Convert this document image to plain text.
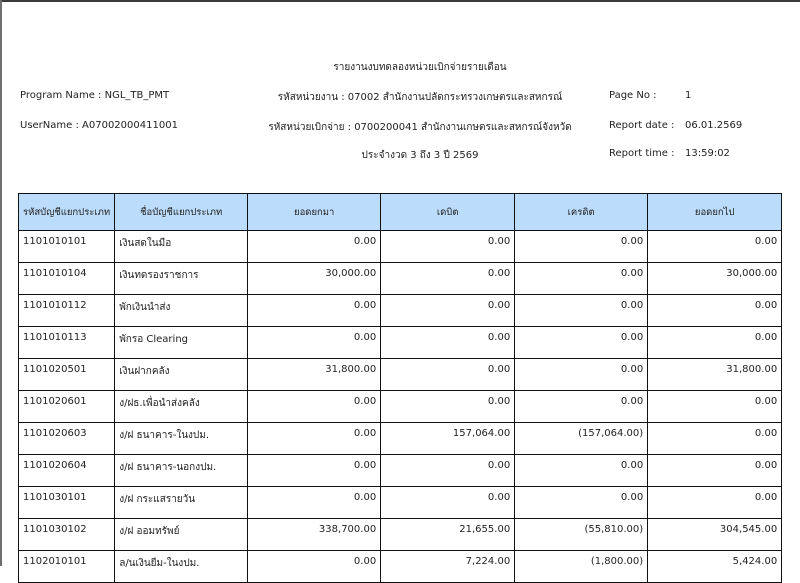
รายงานงบทดลองหน่วยเบิกจ่ายรายเดือน
Program Name : NGL_TB_PMT
UserName : A07002000411001
รหัสหน่วยงาน : 07002 สำนักงานปลัดกระทรวงเกษตรและสหกรณ์
รหัสหน่วยเบิกจ่าย : 0700200041 สำนักงานเกษตรและสหกรณ์จังหวัด
ประจำงวด 3 ถึง 3 ปี 2569
Page No :	1
Report date : 06.01.2569
Report time : 13:59:02
รหัสบัญชีแยกประเภท	ชื่อบัญชีแยกประเภท	ยอดยกมา	เดบิต	เครดิต	ยอดยกไป
1101010101	เงินสดในมือ	0.00	0.00	0.00	0.00
1101010104	เงินทดรองราชการ	30,000.00	0.00	0.00	30,000.00
1101010112	พักเงินนำส่ง	0.00	0.00	0.00	0.00
1101010113	พักรอ Clearing	0.00	0.00	0.00	0.00
1101020501	เงินฝากคลัง	31,800.00	0.00	0.00	31,800.00
1101020601	ง/ฝธ.เพื่อนำส่งคลัง	0.00	0.00	0.00	0.00
1101020603	ง/ฝ ธนาคาร-ในงปม.	0.00	157,064.00	(157,064.00)	0.00
1101020604	ง/ฝ ธนาคาร-นอกงปม.	0.00	0.00	0.00	0.00
1101030101	ง/ฝ กระแสรายวัน	0.00	0.00	0.00	0.00
1101030102	ง/ฝ ออมทรัพย์	338,700.00	21,655.00	(55,810.00)	304,545.00
1102010101	ล/นเงินยืม-ในงปม.	0.00	7,224.00	(1,800.00)	5,424.00
